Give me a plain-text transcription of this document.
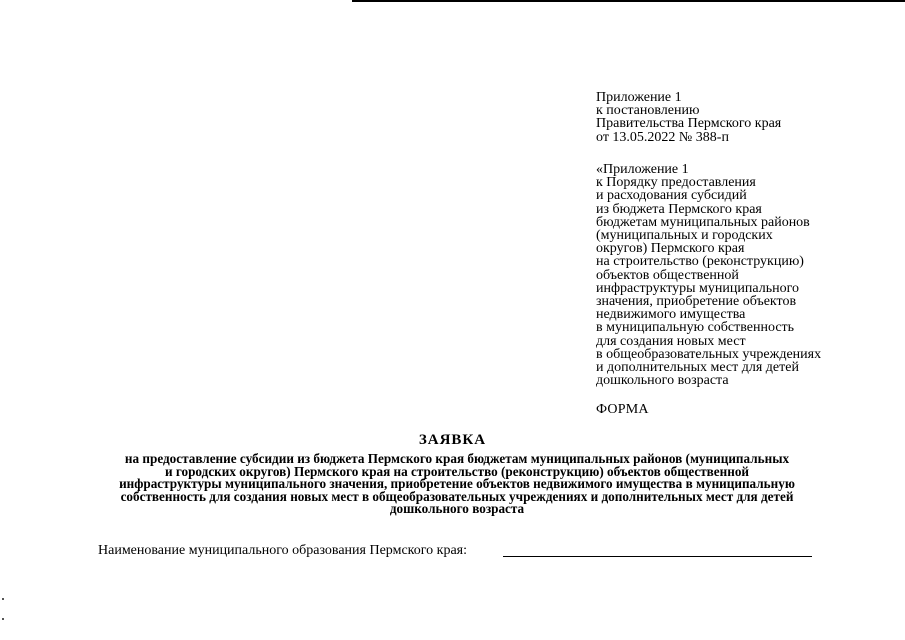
Приложение 1
к постановлению
Правительства Пермского края
от 13.05.2022 № 388-п
«Приложение 1
к Порядку предоставления
и расходования субсидий
из бюджета Пермского края
бюджетам муниципальных районов
(муниципальных и городских
округов) Пермского края
на строительство (реконструкцию)
объектов общественной
инфраструктуры муниципального
значения, приобретение объектов
недвижимого имущества
в муниципальную собственность
для создания новых мест
в общеобразовательных учреждениях
и дополнительных мест для детей
дошкольного возраста
ФОРМА
ЗАЯВКА
на предоставление субсидии из бюджета Пермского края бюджетам муниципальных районов (муниципальных
и городских округов) Пермского края на строительство (реконструкцию) объектов общественной
инфраструктуры муниципального значения, приобретение объектов недвижимого имущества в муниципальную
собственность для создания новых мест в общеобразовательных учреждениях и дополнительных мест для детей
дошкольного возраста
Наименование муниципального образования Пермского края:
